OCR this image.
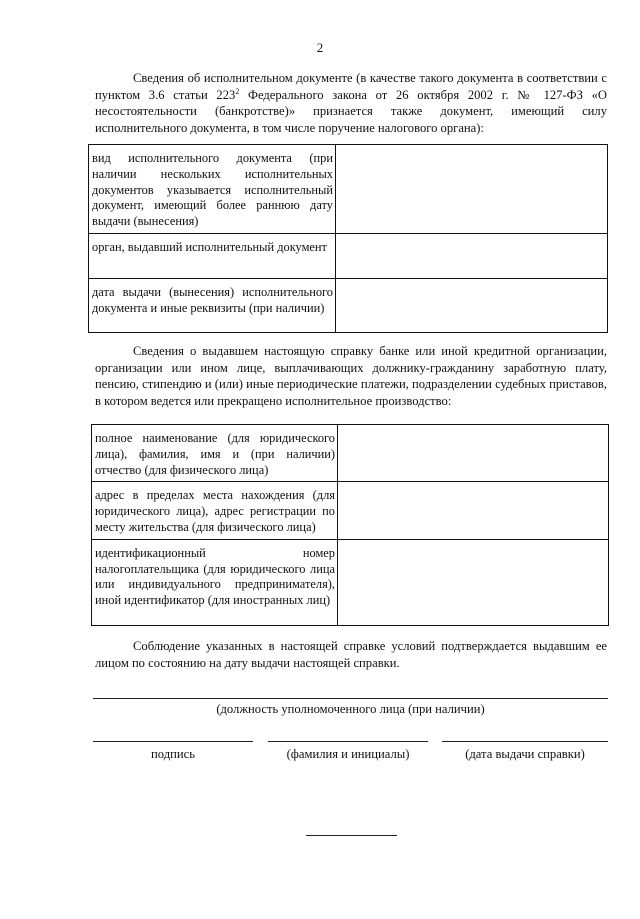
2
Сведения об исполнительном документе (в качестве такого документа в соответствии с пунктом 3.6 статьи $223^2$ Федерального закона от 26 октября 2002 г. № 127-ФЗ «О несостоятельности (банкротстве)» признается также документ, имеющий силу исполнительного документа, в том числе поручение налогового органа):
вид исполнительного документа (при наличии нескольких исполнительных документов указывается исполнительный документ, имеющий более раннюю дату выдачи (вынесения)	
орган, выдавший исполнительный документ	
дата выдачи (вынесения) исполнительного документа и иные реквизиты (при наличии)	
Сведения о выдавшем настоящую справку банке или иной кредитной организации, организации или ином лице, выплачивающих должнику-гражданину заработную плату, пенсию, стипендию и (или) иные периодические платежи, подразделении судебных приставов, в котором ведется или прекращено исполнительное производство:
полное наименование (для юридического лица), фамилия, имя и (при наличии) отчество (для физического лица)	
адрес в пределах места нахождения (для юридического лица), адрес регистрации по месту жительства (для физического лица)	
идентификационный номер налогоплательщика (для юридического лица или индивидуального предпринимателя), иной идентификатор (для иностранных лиц)	
Соблюдение указанных в настоящей справке условий подтверждается выдавшим ее лицом по состоянию на дату выдачи настоящей справки.
(должность уполномоченного лица (при наличии)
подпись	(фамилия и инициалы)	(дата выдачи справки)
